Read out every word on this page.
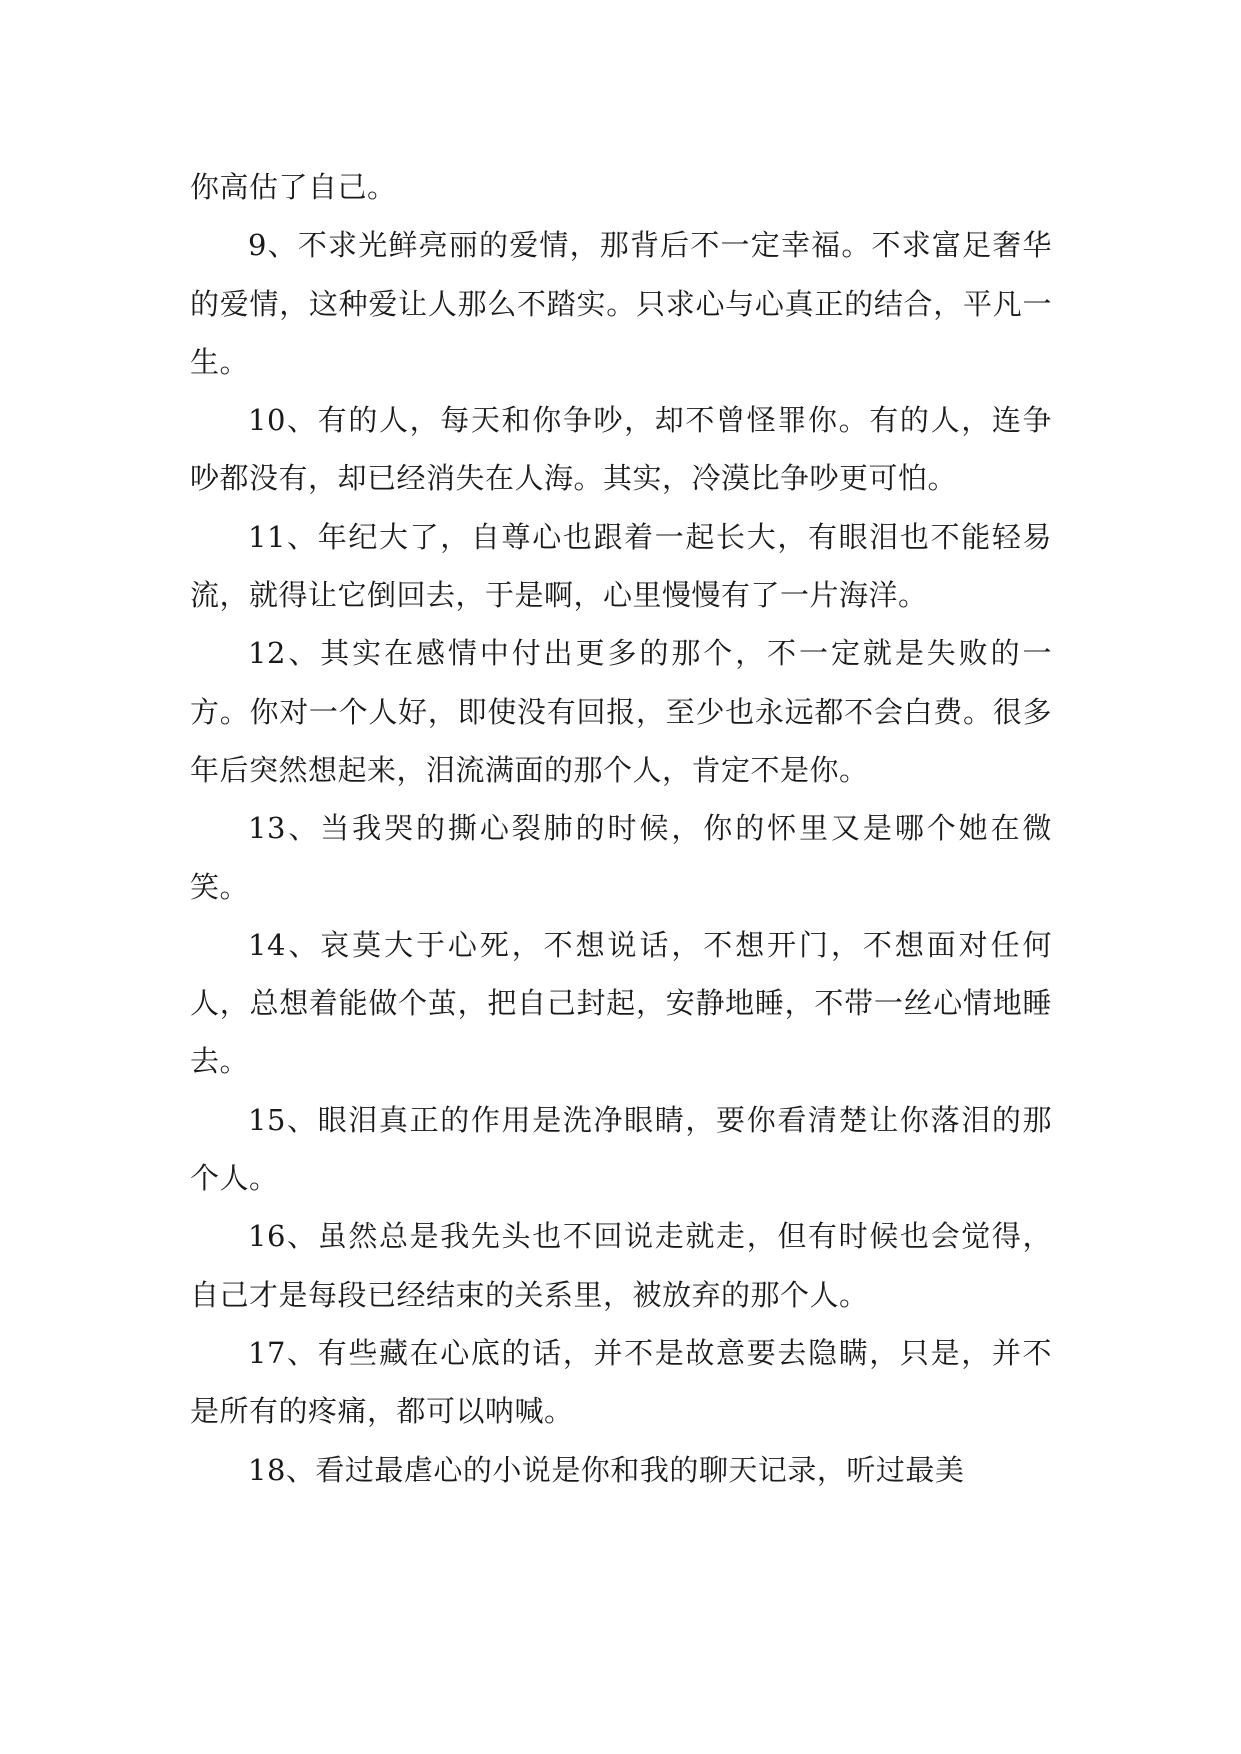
你高估了自己。

9、不求光鲜亮丽的爱情，那背后不一定幸福。不求富足奢华的爱情，这种爱让人那么不踏实。只求心与心真正的结合，平凡一生。

10、有的人，每天和你争吵，却不曾怪罪你。有的人，连争吵都没有，却已经消失在人海。其实，冷漠比争吵更可怕。

11、年纪大了，自尊心也跟着一起长大，有眼泪也不能轻易流，就得让它倒回去，于是啊，心里慢慢有了一片海洋。

12、其实在感情中付出更多的那个，不一定就是失败的一方。你对一个人好，即使没有回报，至少也永远都不会白费。很多年后突然想起来，泪流满面的那个人，肯定不是你。

13、当我哭的撕心裂肺的时候，你的怀里又是哪个她在微笑。

14、哀莫大于心死，不想说话，不想开门，不想面对任何人，总想着能做个茧，把自己封起，安静地睡，不带一丝心情地睡去。

15、眼泪真正的作用是洗净眼睛，要你看清楚让你落泪的那个人。

16、虽然总是我先头也不回说走就走，但有时候也会觉得，自己才是每段已经结束的关系里，被放弃的那个人。

17、有些藏在心底的话，并不是故意要去隐瞒，只是，并不是所有的疼痛，都可以呐喊。

18、看过最虐心的小说是你和我的聊天记录，听过最美
